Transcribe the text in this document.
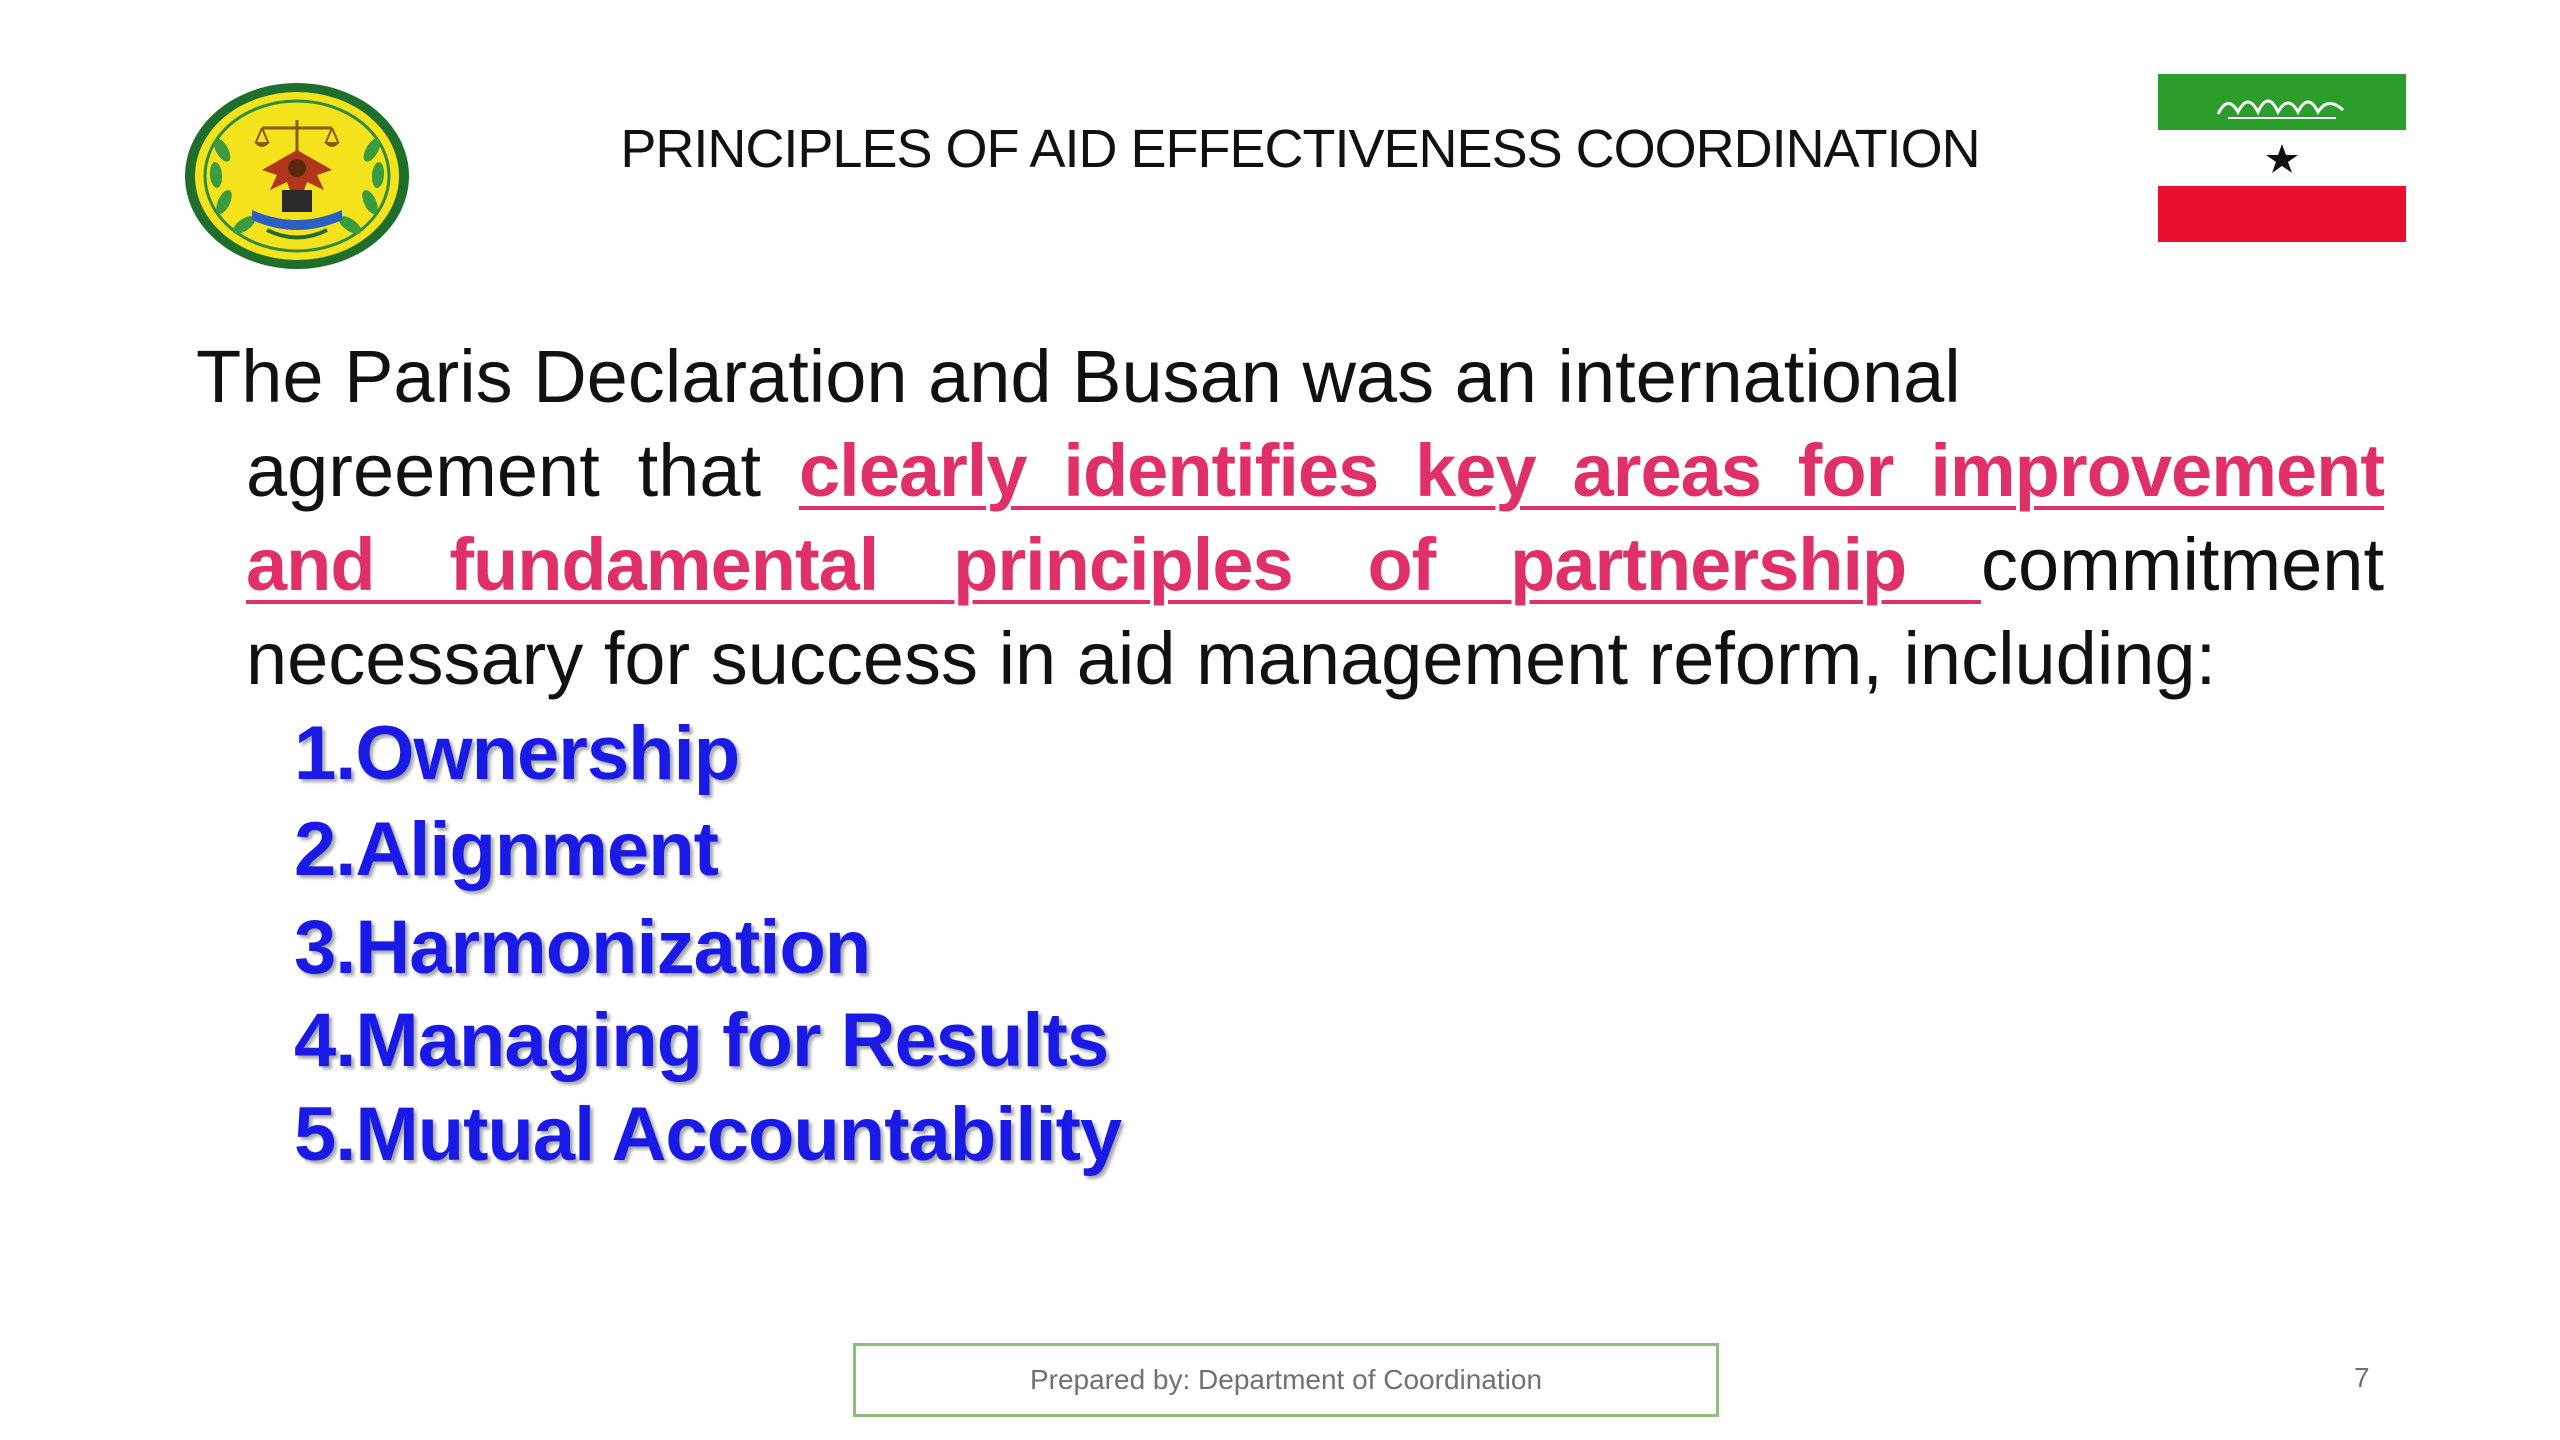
PRINCIPLES OF AID EFFECTIVENESS COORDINATION
The Paris Declaration and Busan was an international
agreement that clearly identifies key areas for improvement and fundamental principles of partnership commitment necessary for success in aid management reform, including:
1.Ownership
2.Alignment
3.Harmonization
4.Managing for Results
5.Mutual Accountability
Prepared by: Department of Coordination	7
